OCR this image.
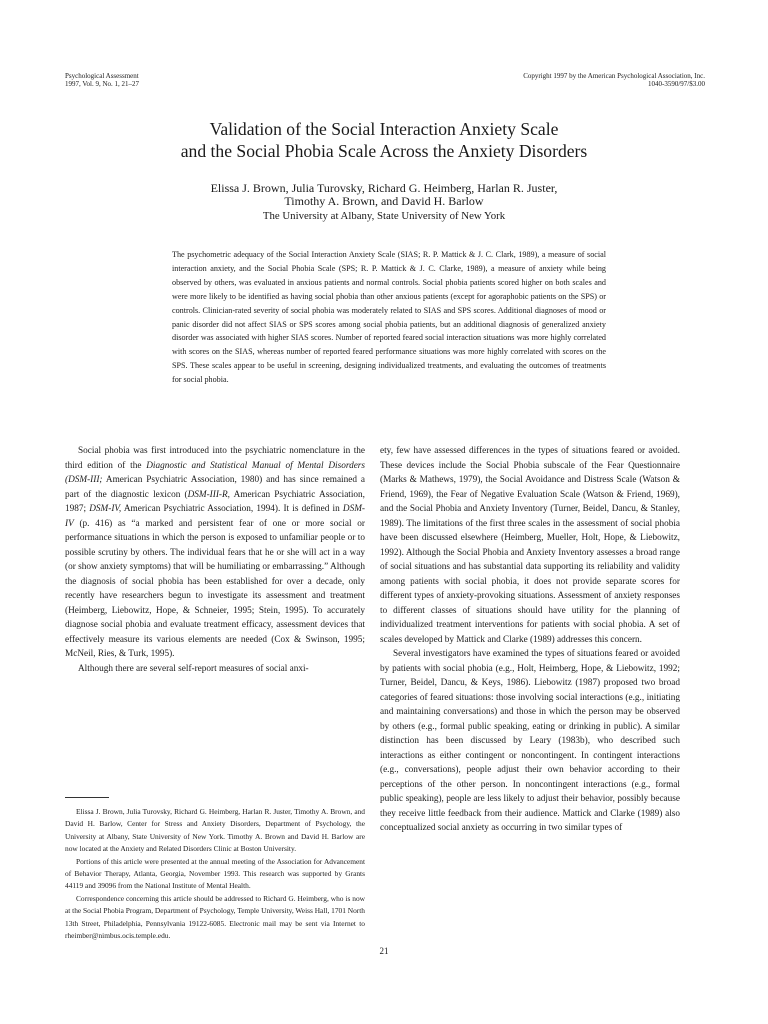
Psychological Assessment
1997, Vol. 9, No. 1, 21–27
Copyright 1997 by the American Psychological Association, Inc.
1040-3590/97/$3.00
Validation of the Social Interaction Anxiety Scale
and the Social Phobia Scale Across the Anxiety Disorders
Elissa J. Brown, Julia Turovsky, Richard G. Heimberg, Harlan R. Juster,
Timothy A. Brown, and David H. Barlow
The University at Albany, State University of New York

The psychometric adequacy of the Social Interaction Anxiety Scale (SIAS; R. P. Mattick & J. C. Clark, 1989), a measure of social interaction anxiety, and the Social Phobia Scale (SPS; R. P. Mattick & J. C. Clarke, 1989), a measure of anxiety while being observed by others, was evaluated in anxious patients and normal controls. Social phobia patients scored higher on both scales and were more likely to be identified as having social phobia than other anxious patients (except for agoraphobic patients on the SPS) or controls. Clinician-rated severity of social phobia was moderately related to SIAS and SPS scores. Additional diagnoses of mood or panic disorder did not affect SIAS or SPS scores among social phobia patients, but an additional diagnosis of generalized anxiety disorder was associated with higher SIAS scores. Number of reported feared social interaction situations was more highly correlated with scores on the SIAS, whereas number of reported feared performance situations was more highly correlated with scores on the SPS. These scales appear to be useful in screening, designing individualized treatments, and evaluating the outcomes of treatments for social phobia.

Social phobia was first introduced into the psychiatric nomenclature in the third edition of the Diagnostic and Statistical Manual of Mental Disorders (DSM-III; American Psychiatric Association, 1980) and has since remained a part of the diagnostic lexicon (DSM-III-R, American Psychiatric Association, 1987; DSM-IV, American Psychiatric Association, 1994). It is defined in DSM-IV (p. 416) as “a marked and persistent fear of one or more social or performance situations in which the person is exposed to unfamiliar people or to possible scrutiny by others. The individual fears that he or she will act in a way (or show anxiety symptoms) that will be humiliating or embarrassing.” Although the diagnosis of social phobia has been established for over a decade, only recently have researchers begun to investigate its assessment and treatment (Heimberg, Liebowitz, Hope, & Schneier, 1995; Stein, 1995). To accurately diagnose social phobia and evaluate treatment efficacy, assessment devices that effectively measure its various elements are needed (Cox & Swinson, 1995; McNeil, Ries, & Turk, 1995).

Although there are several self-report measures of social anxi-

ety, few have assessed differences in the types of situations feared or avoided. These devices include the Social Phobia subscale of the Fear Questionnaire (Marks & Mathews, 1979), the Social Avoidance and Distress Scale (Watson & Friend, 1969), the Fear of Negative Evaluation Scale (Watson & Friend, 1969), and the Social Phobia and Anxiety Inventory (Turner, Beidel, Dancu, & Stanley, 1989). The limitations of the first three scales in the assessment of social phobia have been discussed elsewhere (Heimberg, Mueller, Holt, Hope, & Liebowitz, 1992). Although the Social Phobia and Anxiety Inventory assesses a broad range of social situations and has substantial data supporting its reliability and validity among patients with social phobia, it does not provide separate scores for different types of anxiety-provoking situations. Assessment of anxiety responses to different classes of situations should have utility for the planning of individualized treatment interventions for patients with social phobia. A set of scales developed by Mattick and Clarke (1989) addresses this concern.

Several investigators have examined the types of situations feared or avoided by patients with social phobia (e.g., Holt, Heimberg, Hope, & Liebowitz, 1992; Turner, Beidel, Dancu, & Keys, 1986). Liebowitz (1987) proposed two broad categories of feared situations: those involving social interactions (e.g., initiating and maintaining conversations) and those in which the person may be observed by others (e.g., formal public speaking, eating or drinking in public). A similar distinction has been discussed by Leary (1983b), who described such interactions as either contingent or noncontingent. In contingent interactions (e.g., conversations), people adjust their own behavior according to their perceptions of the other person. In noncontingent interactions (e.g., formal public speaking), people are less likely to adjust their behavior, possibly because they receive little feedback from their audience. Mattick and Clarke (1989) also conceptualized social anxiety as occurring in two similar types of

Elissa J. Brown, Julia Turovsky, Richard G. Heimberg, Harlan R. Juster, Timothy A. Brown, and David H. Barlow, Center for Stress and Anxiety Disorders, Department of Psychology, the University at Albany, State University of New York. Timothy A. Brown and David H. Barlow are now located at the Anxiety and Related Disorders Clinic at Boston University.

Portions of this article were presented at the annual meeting of the Association for Advancement of Behavior Therapy, Atlanta, Georgia, November 1993. This research was supported by Grants 44119 and 39096 from the National Institute of Mental Health.

Correspondence concerning this article should be addressed to Richard G. Heimberg, who is now at the Social Phobia Program, Department of Psychology, Temple University, Weiss Hall, 1701 North 13th Street, Philadelphia, Pennsylvania 19122-6085. Electronic mail may be sent via Internet to rheimber@nimbus.ocis.temple.edu.

21
